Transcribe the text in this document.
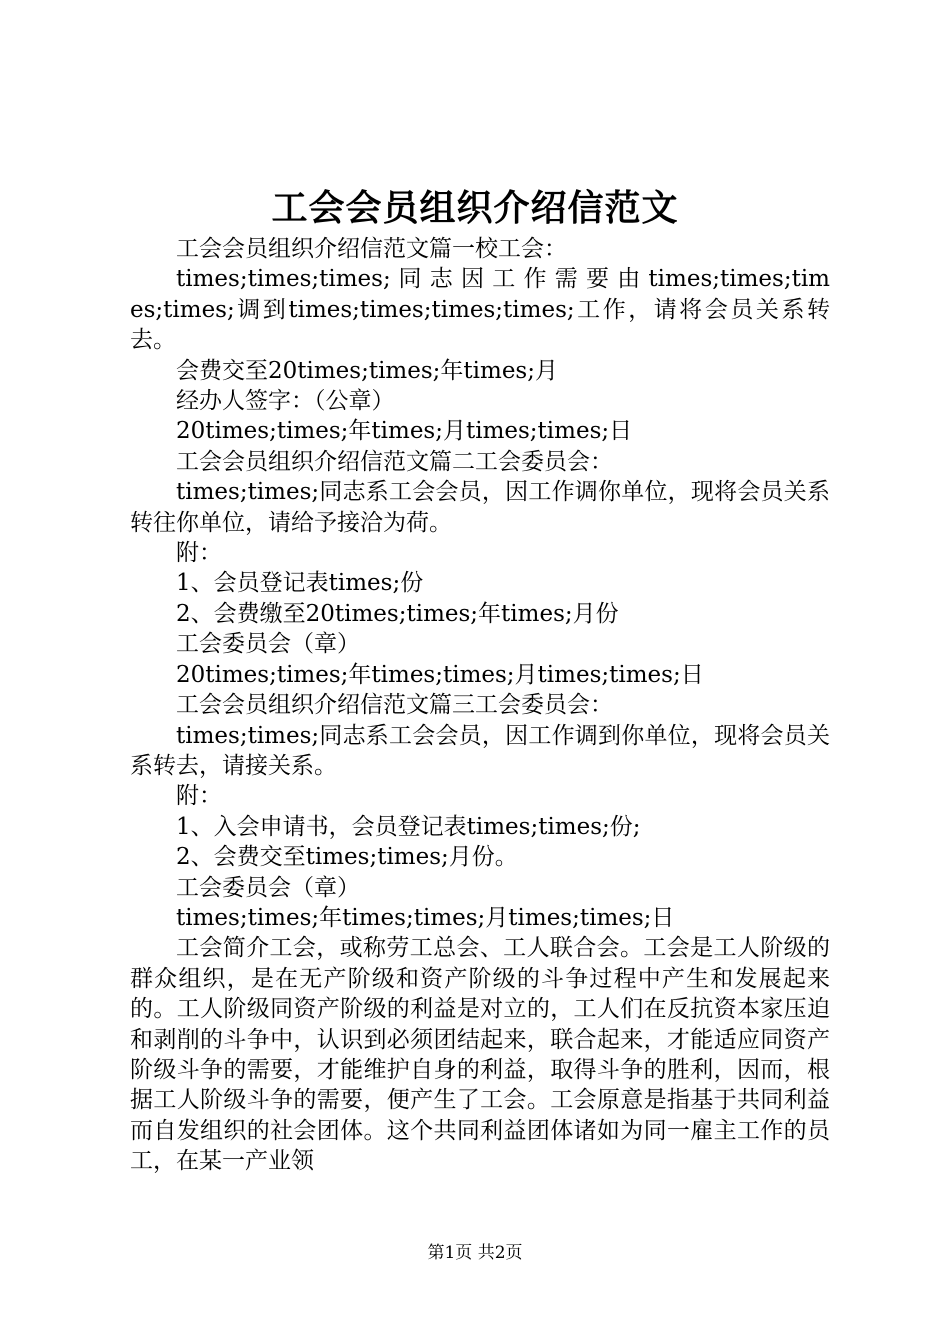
工会会员组织介绍信范文

工会会员组织介绍信范文篇一校工会：

times;times;times; 同 志 因 工 作 需 要 由 times;times;times;times;调到times;times;times;times;工作，请将会员关系转去。

会费交至20times;times;年times;月

经办人签字：（公章）

20times;times;年times;月times;times;日

工会会员组织介绍信范文篇二工会委员会：

times;times;同志系工会会员，因工作调你单位，现将会员关系转往你单位，请给予接洽为荷。

附：

1、会员登记表times;份

2、会费缴至20times;times;年times;月份

工会委员会（章）

20times;times;年times;times;月times;times;日

工会会员组织介绍信范文篇三工会委员会：

times;times;同志系工会会员，因工作调到你单位，现将会员关系转去，请接关系。

附：

1、入会申请书，会员登记表times;times;份;

2、会费交至times;times;月份。

工会委员会（章）

times;times;年times;times;月times;times;日

工会简介工会，或称劳工总会、工人联合会。工会是工人阶级的群众组织，是在无产阶级和资产阶级的斗争过程中产生和发展起来的。工人阶级同资产阶级的利益是对立的，工人们在反抗资本家压迫和剥削的斗争中，认识到必须团结起来，联合起来，才能适应同资产阶级斗争的需要，才能维护自身的利益，取得斗争的胜利，因而，根据工人阶级斗争的需要，便产生了工会。工会原意是指基于共同利益而自发组织的社会团体。这个共同利益团体诸如为同一雇主工作的员工，在某一产业领

第1页 共2页
